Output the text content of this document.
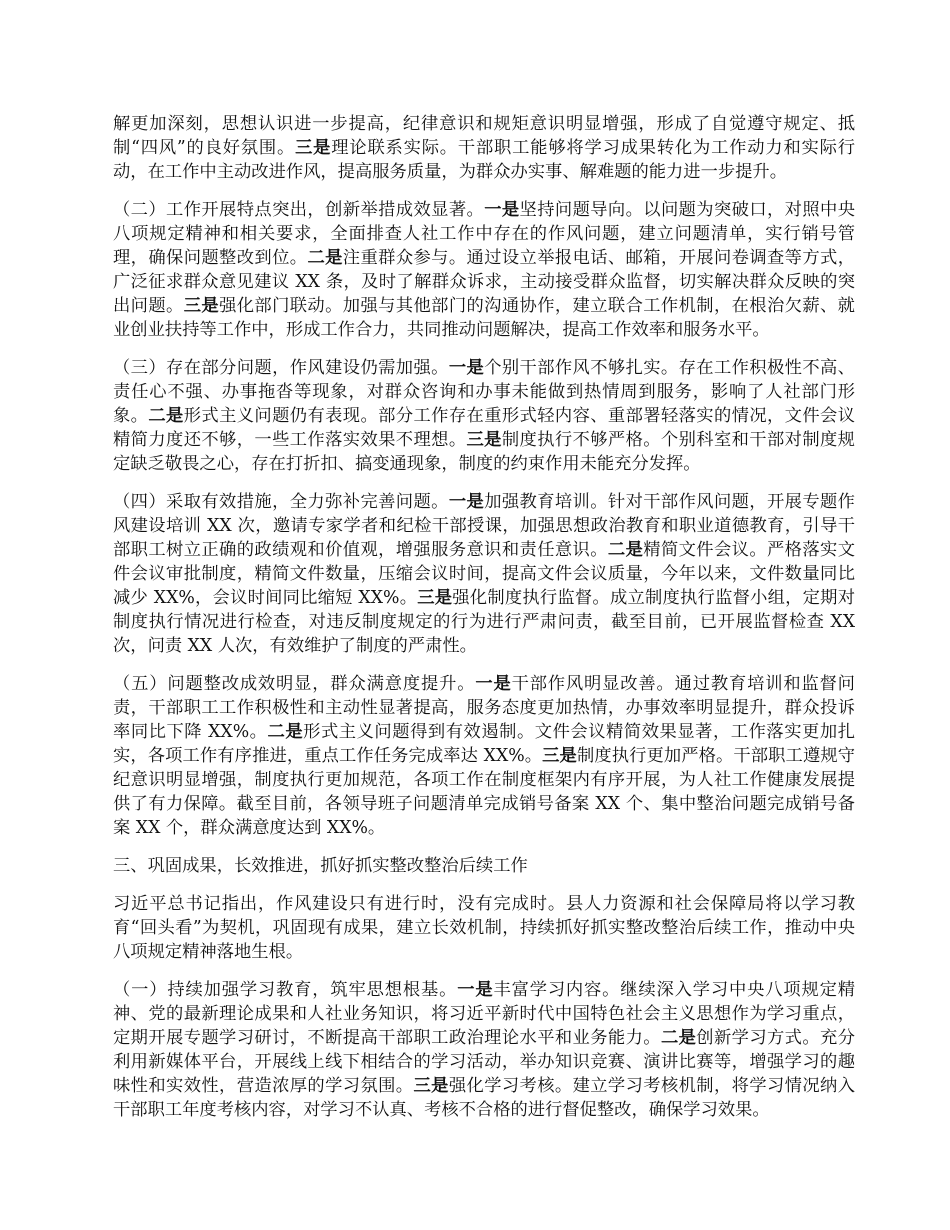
解更加深刻，思想认识进一步提高，纪律意识和规矩意识明显增强，形成了自觉遵守规定、抵制“四风”的良好氛围。三是理论联系实际。干部职工能够将学习成果转化为工作动力和实际行动，在工作中主动改进作风，提高服务质量，为群众办实事、解难题的能力进一步提升。

（二）工作开展特点突出，创新举措成效显著。一是坚持问题导向。以问题为突破口，对照中央八项规定精神和相关要求，全面排查人社工作中存在的作风问题，建立问题清单，实行销号管理，确保问题整改到位。二是注重群众参与。通过设立举报电话、邮箱，开展问卷调查等方式，广泛征求群众意见建议 XX 条，及时了解群众诉求，主动接受群众监督，切实解决群众反映的突出问题。三是强化部门联动。加强与其他部门的沟通协作，建立联合工作机制，在根治欠薪、就业创业扶持等工作中，形成工作合力，共同推动问题解决，提高工作效率和服务水平。

（三）存在部分问题，作风建设仍需加强。一是个别干部作风不够扎实。存在工作积极性不高、责任心不强、办事拖沓等现象，对群众咨询和办事未能做到热情周到服务，影响了人社部门形象。二是形式主义问题仍有表现。部分工作存在重形式轻内容、重部署轻落实的情况，文件会议精简力度还不够，一些工作落实效果不理想。三是制度执行不够严格。个别科室和干部对制度规定缺乏敬畏之心，存在打折扣、搞变通现象，制度的约束作用未能充分发挥。

（四）采取有效措施，全力弥补完善问题。一是加强教育培训。针对干部作风问题，开展专题作风建设培训 XX 次，邀请专家学者和纪检干部授课，加强思想政治教育和职业道德教育，引导干部职工树立正确的政绩观和价值观，增强服务意识和责任意识。二是精简文件会议。严格落实文件会议审批制度，精简文件数量，压缩会议时间，提高文件会议质量，今年以来，文件数量同比减少 XX%，会议时间同比缩短 XX%。三是强化制度执行监督。成立制度执行监督小组，定期对制度执行情况进行检查，对违反制度规定的行为进行严肃问责，截至目前，已开展监督检查 XX 次，问责 XX 人次，有效维护了制度的严肃性。

（五）问题整改成效明显，群众满意度提升。一是干部作风明显改善。通过教育培训和监督问责，干部职工工作积极性和主动性显著提高，服务态度更加热情，办事效率明显提升，群众投诉率同比下降 XX%。二是形式主义问题得到有效遏制。文件会议精简效果显著，工作落实更加扎实，各项工作有序推进，重点工作任务完成率达 XX%。三是制度执行更加严格。干部职工遵规守纪意识明显增强，制度执行更加规范，各项工作在制度框架内有序开展，为人社工作健康发展提供了有力保障。截至目前，各领导班子问题清单完成销号备案 XX 个、集中整治问题完成销号备案 XX 个，群众满意度达到 XX%。

三、巩固成果，长效推进，抓好抓实整改整治后续工作

习近平总书记指出，作风建设只有进行时，没有完成时。县人力资源和社会保障局将以学习教育“回头看”为契机，巩固现有成果，建立长效机制，持续抓好抓实整改整治后续工作，推动中央八项规定精神落地生根。

（一）持续加强学习教育，筑牢思想根基。一是丰富学习内容。继续深入学习中央八项规定精神、党的最新理论成果和人社业务知识，将习近平新时代中国特色社会主义思想作为学习重点，定期开展专题学习研讨，不断提高干部职工政治理论水平和业务能力。二是创新学习方式。充分利用新媒体平台，开展线上线下相结合的学习活动，举办知识竞赛、演讲比赛等，增强学习的趣味性和实效性，营造浓厚的学习氛围。三是强化学习考核。建立学习考核机制，将学习情况纳入干部职工年度考核内容，对学习不认真、考核不合格的进行督促整改，确保学习效果。
